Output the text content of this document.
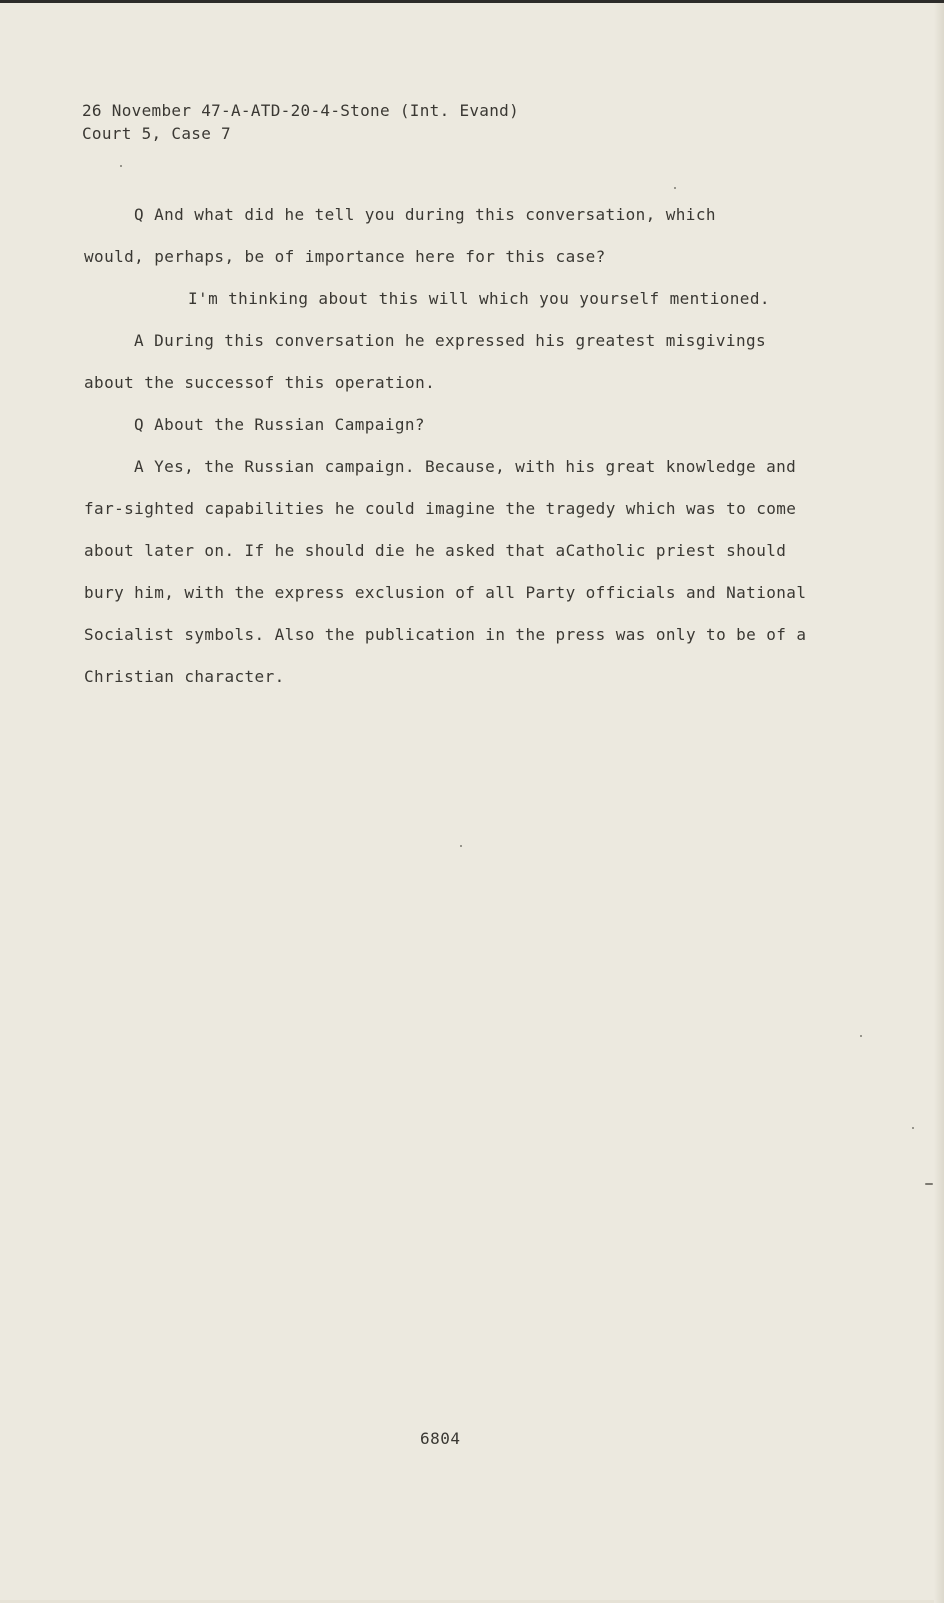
26 November 47-A-ATD-20-4-Stone (Int. Evand)
Court 5, Case 7
Q And what did he tell you during this conversation, which
would, perhaps, be of importance here for this case?
I'm thinking about this will which you yourself mentioned.
A During this conversation he expressed his greatest misgivings
about the successof this operation.
Q About the Russian Campaign?
A Yes, the Russian campaign. Because, with his great knowledge and
far-sighted capabilities he could imagine the tragedy which was to come
about later on. If he should die he asked that aCatholic priest should
bury him, with the express exclusion of all Party officials and National
Socialist symbols. Also the publication in the press was only to be of a
Christian character.
6804
